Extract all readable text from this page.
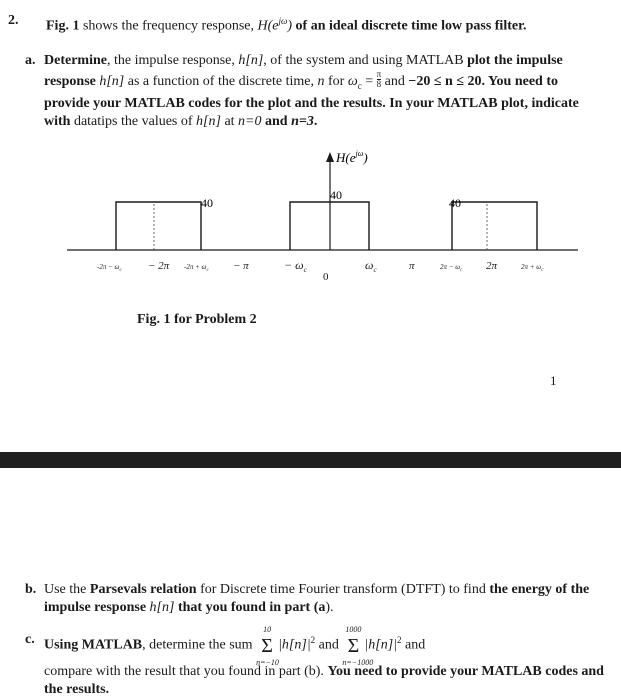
2. Fig. 1 shows the frequency response, $H(e^{j\omega})$ of an ideal discrete time low pass filter.
a. Determine, the impulse response, h[n], of the system and using MATLAB plot the impulse response h[n] as a function of the discrete time, n for $\omega_c = \frac{\pi}{8}$ and −20 ≤ n ≤ 20. You need to provide your MATLAB codes for the plot and the results. In your MATLAB plot, indicate with datatips the values of h[n] at n=0 and n=3.
$H(e^{j\omega})$
40
40
40
$-2\pi - \omega_c - 2\pi$ $-2\pi + \omega_c - \pi$	− $\omega_c$
0
$\omega_c$	π	$2\pi - \omega_c$ 2π	$2\pi + \omega_c$
Fig. 1 for Problem 2
1
b. Use the Parsevals relation for Discrete time Fourier transform (DTFT) to find the energy of the impulse response h[n] that you found in part (a).
c. Using MATLAB, determine the sum Σ
10
n=−10
$|h[n]|^2$ and Σ
1000
n=−1000
$|h[n]|^2$ and
compare with the result that you found in part (b). You need to provide your MATLAB codes and the results.
